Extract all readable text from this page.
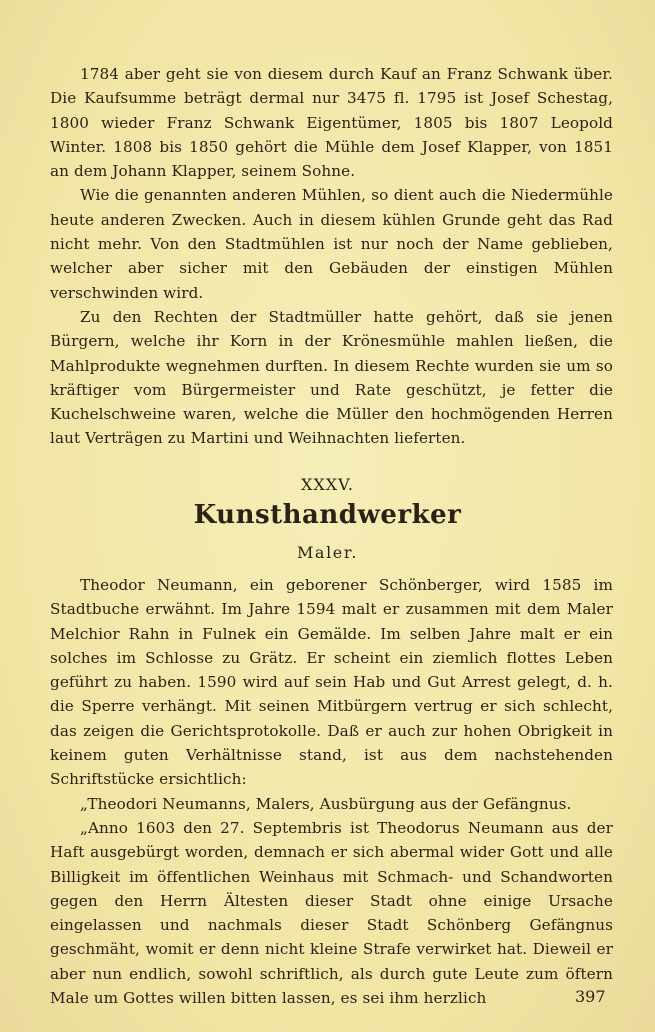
1784 aber geht sie von diesem durch Kauf an Franz Schwank über. Die Kaufsumme beträgt dermal nur 3475 fl. 1795 ist Josef Schestag, 1800 wieder Franz Schwank Eigentümer, 1805 bis 1807 Leopold Winter. 1808 bis 1850 gehört die Mühle dem Josef Klapper, von 1851 an dem Johann Klapper, seinem Sohne.

Wie die genannten anderen Mühlen, so dient auch die Niedermühle heute anderen Zwecken. Auch in diesem kühlen Grunde geht das Rad nicht mehr. Von den Stadtmühlen ist nur noch der Name geblieben, welcher aber sicher mit den Gebäuden der einstigen Mühlen verschwinden wird.

Zu den Rechten der Stadtmüller hatte gehört, daß sie jenen Bürgern, welche ihr Korn in der Krönesmühle mahlen ließen, die Mahlprodukte wegnehmen durften. In diesem Rechte wurden sie um so kräftiger vom Bürgermeister und Rate geschützt, je fetter die Kuchelschweine waren, welche die Müller den hochmögenden Herren laut Verträgen zu Martini und Weihnachten lieferten.

XXXV.
Kunsthandwerker
Maler.

Theodor Neumann, ein geborener Schönberger, wird 1585 im Stadtbuche erwähnt. Im Jahre 1594 malt er zusammen mit dem Maler Melchior Rahn in Fulnek ein Gemälde. Im selben Jahre malt er ein solches im Schlosse zu Grätz. Er scheint ein ziemlich flottes Leben geführt zu haben. 1590 wird auf sein Hab und Gut Arrest gelegt, d. h. die Sperre verhängt. Mit seinen Mitbürgern vertrug er sich schlecht, das zeigen die Gerichtsprotokolle. Daß er auch zur hohen Obrigkeit in keinem guten Verhältnisse stand, ist aus dem nachstehenden Schriftstücke ersichtlich:

„Theodori Neumanns, Malers, Ausbürgung aus der Gefängnus.

„Anno 1603 den 27. Septembris ist Theodorus Neumann aus der Haft ausgebürgt worden, demnach er sich abermal wider Gott und alle Billigkeit im öffentlichen Weinhaus mit Schmach- und Schandworten gegen den Herrn Ältesten dieser Stadt ohne einige Ursache eingelassen und nachmals dieser Stadt Schönberg Gefängnus geschmäht, womit er denn nicht kleine Strafe verwirket hat. Dieweil er aber nun endlich, sowohl schriftlich, als durch gute Leute zum öftern Male um Gottes willen bitten lassen, es sei ihm herzlich	397
